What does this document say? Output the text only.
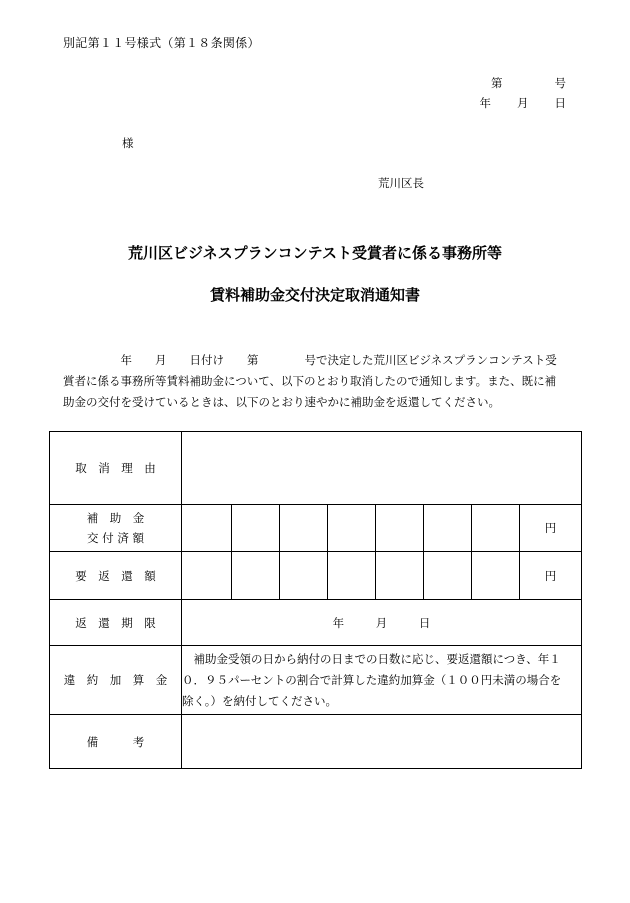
別記第１１号様式（第１８条関係）
第	号
年 月 日
様
荒川区長
荒川区ビジネスプランコンテスト受賞者に係る事務所等
賃料補助金交付決定取消通知書
　　　　　年　　月　　日付け　　第　　　　号で決定した荒川区ビジネスプランコンテスト受
賞者に係る事務所等賃料補助金について、以下のとおり取消したので通知します。また、既に補
助金の交付を受けているときは、以下のとおり速やかに補助金を返還してください。
取　消　理　由								

補　助　金
交 付 済 額								円
要　返　還　額								円
返　還　期　限	年 月 日							
違　約　加　算　金	　補助金受領の日から納付の日までの日数に応じ、要返還額につき、年１
０．９５パーセントの割合で計算した違約加算金（１００円未満の場合を
除く。）を納付してください。							

備　　　考								
